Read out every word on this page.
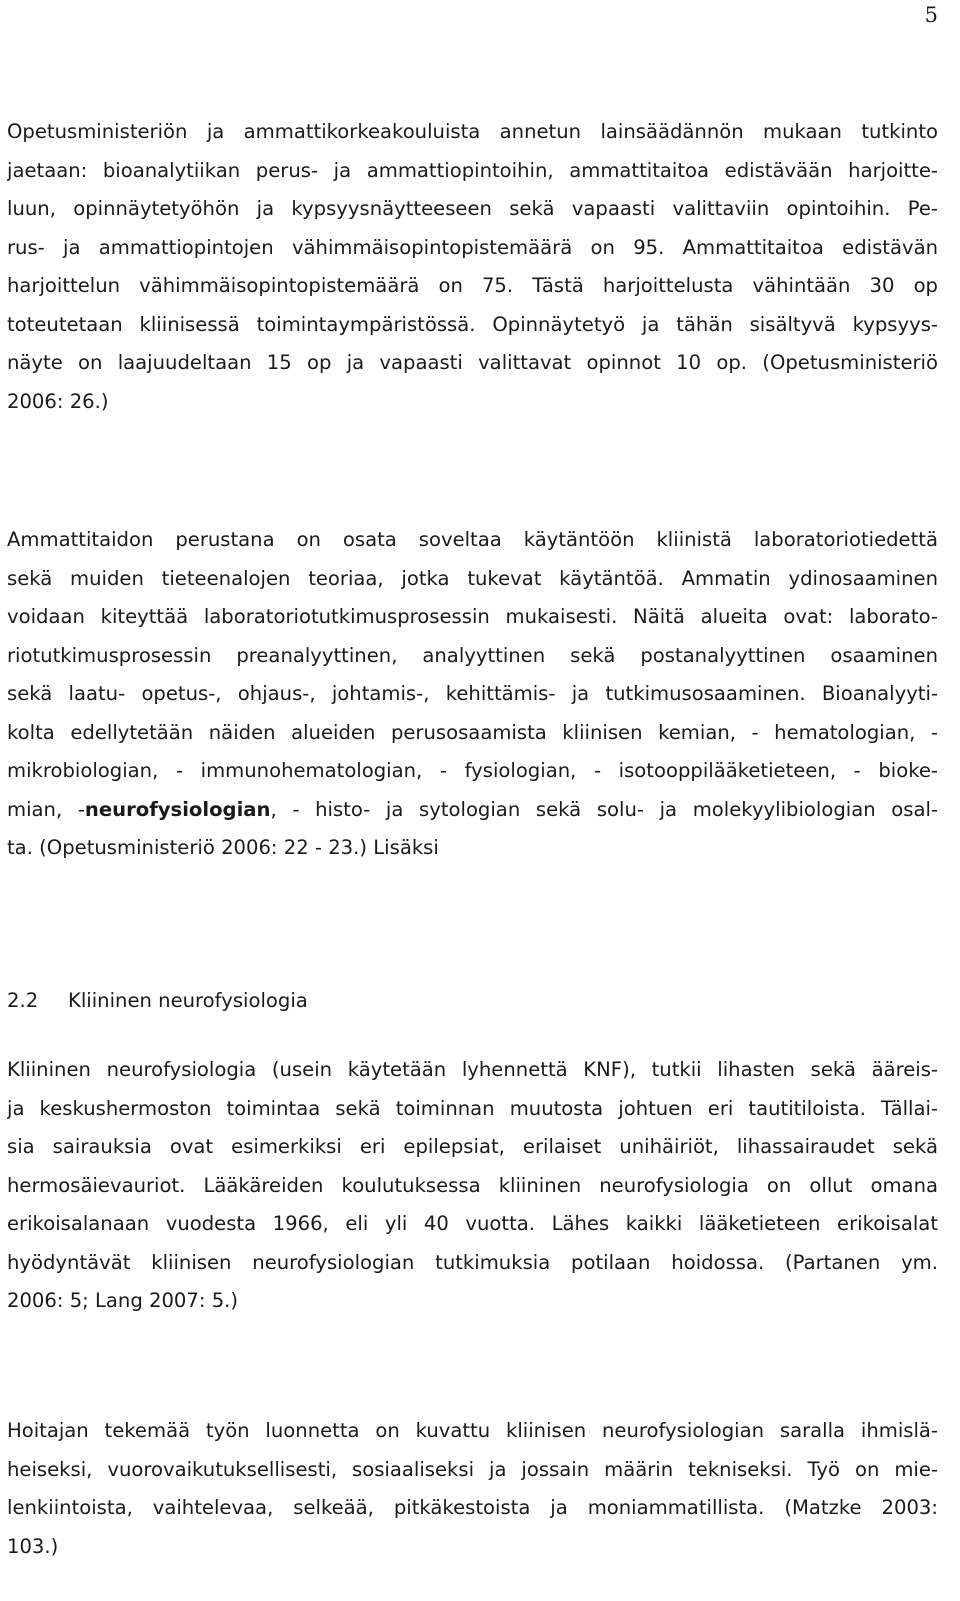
5
Opetusministeriön ja ammattikorkeakouluista annetun lainsäädännön mukaan tutkinto
jaetaan: bioanalytiikan perus- ja ammattiopintoihin, ammattitaitoa edistävään harjoitte-
luun, opinnäytetyöhön ja kypsyysnäytteeseen sekä vapaasti valittaviin opintoihin. Pe-
rus- ja ammattiopintojen vähimmäisopintopistemäärä on 95. Ammattitaitoa edistävän
harjoittelun vähimmäisopintopistemäärä on 75. Tästä harjoittelusta vähintään 30 op
toteutetaan kliinisessä toimintaympäristössä. Opinnäytetyö ja tähän sisältyvä kypsyys-
näyte on laajuudeltaan 15 op ja vapaasti valittavat opinnot 10 op. (Opetusministeriö
2006: 26.)
Ammattitaidon perustana on osata soveltaa käytäntöön kliinistä laboratoriotiedettä
sekä muiden tieteenalojen teoriaa, jotka tukevat käytäntöä. Ammatin ydinosaaminen
voidaan kiteyttää laboratoriotutkimusprosessin mukaisesti. Näitä alueita ovat: laborato-
riotutkimusprosessin preanalyyttinen, analyyttinen sekä postanalyyttinen osaaminen
sekä laatu- opetus-, ohjaus-, johtamis-, kehittämis- ja tutkimusosaaminen. Bioanalyyti-
kolta edellytetään näiden alueiden perusosaamista kliinisen kemian, - hematologian, -
mikrobiologian, - immunohematologian, - fysiologian, - isotooppilääketieteen, - bioke-
mian, -neurofysiologian, - histo- ja sytologian sekä solu- ja molekyylibiologian osal-
ta. (Opetusministeriö 2006: 22 - 23.) Lisäksi
2.2 Kliininen neurofysiologia
Kliininen neurofysiologia (usein käytetään lyhennettä KNF), tutkii lihasten sekä ääreis-
ja keskushermoston toimintaa sekä toiminnan muutosta johtuen eri tautitiloista. Tällai-
sia sairauksia ovat esimerkiksi eri epilepsiat, erilaiset unihäiriöt, lihassairaudet sekä
hermosäievauriot. Lääkäreiden koulutuksessa kliininen neurofysiologia on ollut omana
erikoisalanaan vuodesta 1966, eli yli 40 vuotta. Lähes kaikki lääketieteen erikoisalat
hyödyntävät kliinisen neurofysiologian tutkimuksia potilaan hoidossa. (Partanen ym.
2006: 5; Lang 2007: 5.)
Hoitajan tekemää työn luonnetta on kuvattu kliinisen neurofysiologian saralla ihmislä-
heiseksi, vuorovaikutuksellisesti, sosiaaliseksi ja jossain määrin tekniseksi. Työ on mie-
lenkiintoista, vaihtelevaa, selkeää, pitkäkestoista ja moniammatillista. (Matzke 2003:
103.)
